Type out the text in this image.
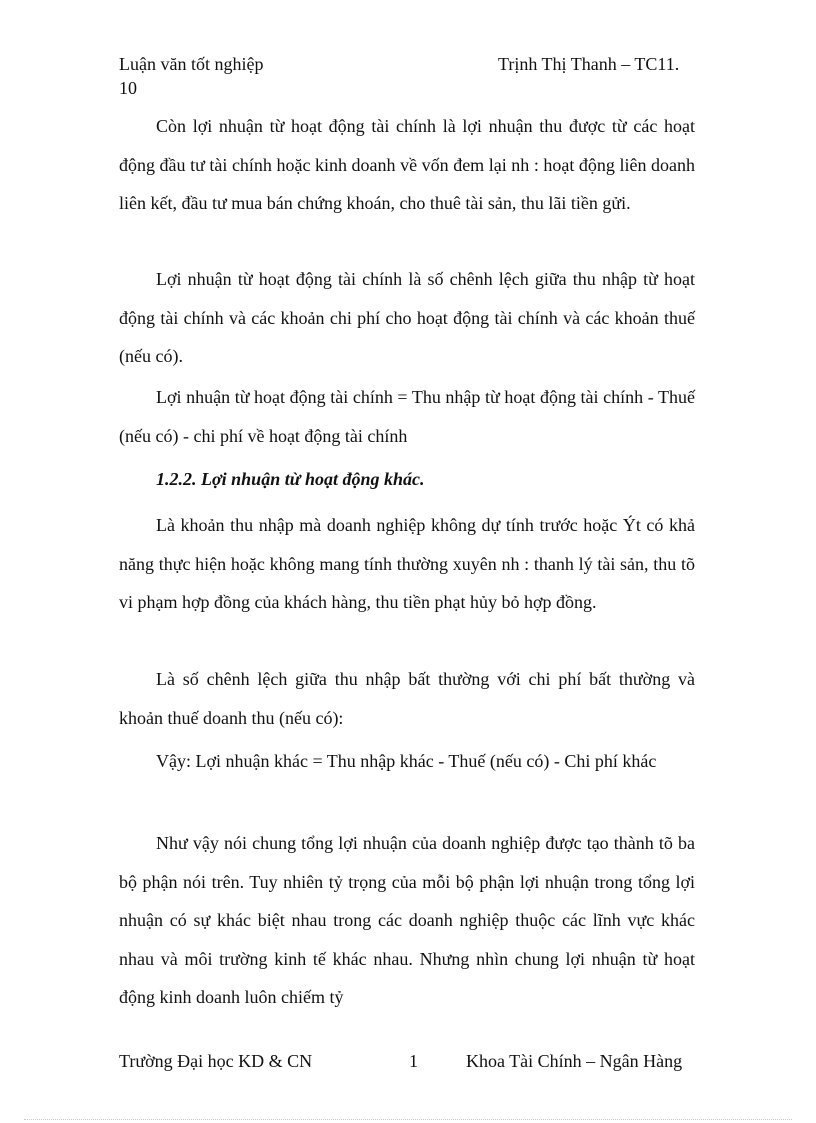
Luận văn tốt nghiệp	Trịnh Thị Thanh – TC11.
10

Còn lợi nhuận từ hoạt động tài chính là lợi nhuận thu được từ các hoạt động đầu tư tài chính hoặc kinh doanh về vốn đem lại nh : hoạt động liên doanh liên kết, đầu tư mua bán chứng khoán, cho thuê tài sản, thu lãi tiền gửi.

Lợi nhuận từ hoạt động tài chính là số chênh lệch giữa thu nhập từ hoạt động tài chính và các khoản chi phí cho hoạt động tài chính và các khoản thuế (nếu có).

Lợi nhuận từ hoạt động tài chính = Thu nhập từ hoạt động tài chính - Thuế (nếu có) - chi phí về hoạt động tài chính

1.2.2. Lợi nhuận từ hoạt động khác.

Là khoản thu nhập mà doanh nghiệp không dự tính trước hoặc Ýt có khả năng thực hiện hoặc không mang tính thường xuyên nh : thanh lý tài sản, thu tõ vi phạm hợp đồng của khách hàng, thu tiền phạt hủy bỏ hợp đồng.

Là số chênh lệch giữa thu nhập bất thường với chi phí bất thường và khoản thuế doanh thu (nếu có):

Vậy: Lợi nhuận khác = Thu nhập khác - Thuế (nếu có) - Chi phí khác

Như vậy nói chung tổng lợi nhuận của doanh nghiệp được tạo thành tõ ba bộ phận nói trên. Tuy nhiên tỷ trọng của mỗi bộ phận lợi nhuận trong tổng lợi nhuận có sự khác biệt nhau trong các doanh nghiệp thuộc các lĩnh vực khác nhau và môi trường kinh tế khác nhau. Nhưng nhìn chung lợi nhuận từ hoạt động kinh doanh luôn chiếm tỷ

Trường Đại học KD & CN	1	Khoa Tài Chính – Ngân Hàng
